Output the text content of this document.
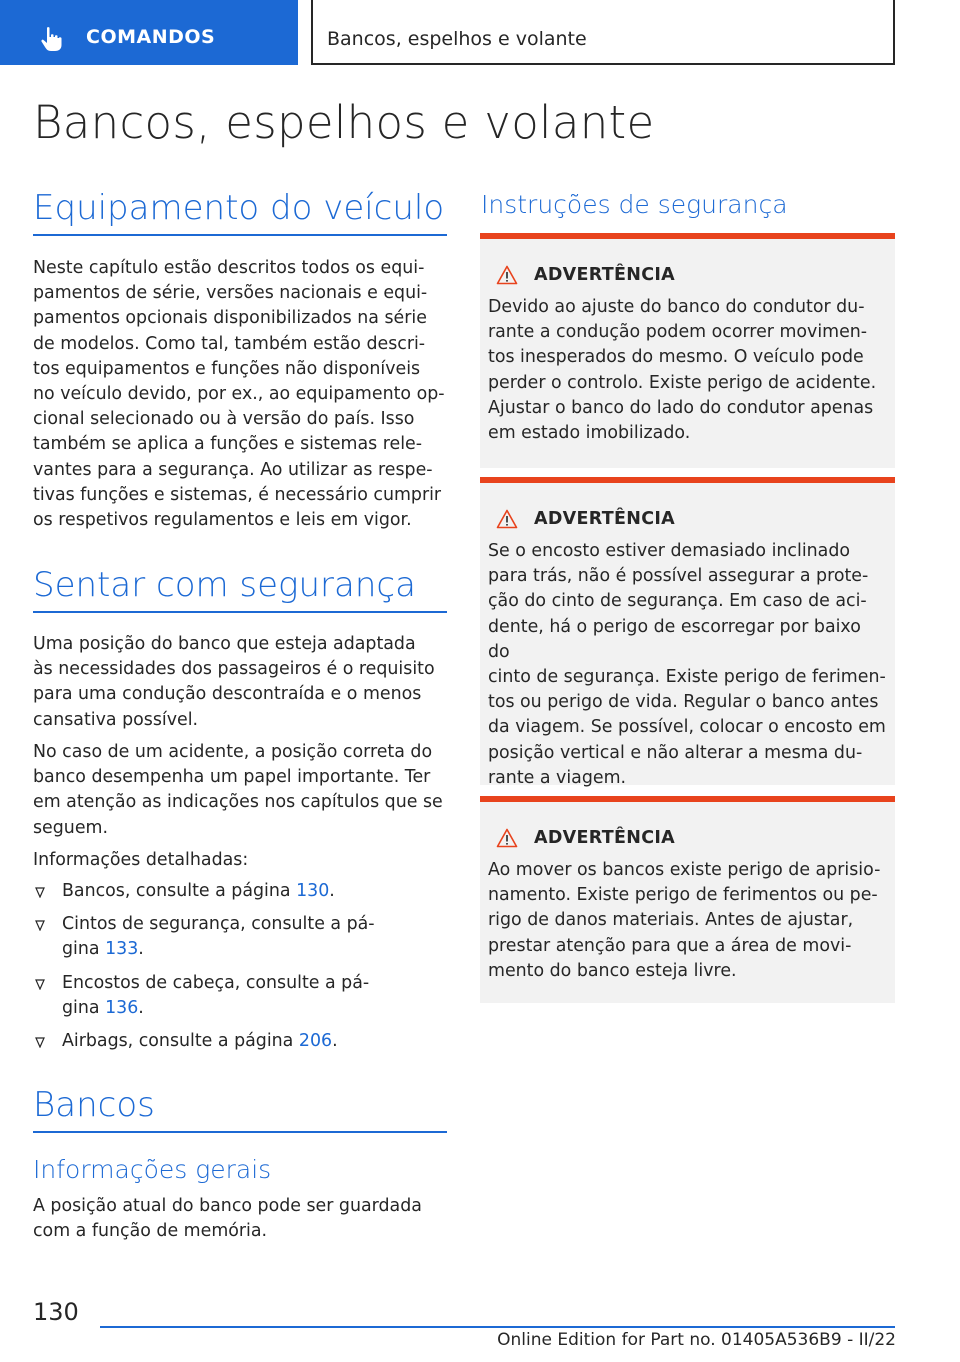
COMANDOS	Bancos, espelhos e volante
Bancos, espelhos e volante
Equipamento do veículo
Neste capítulo estão descritos todos os equi-
pamentos de série, versões nacionais e equi-
pamentos opcionais disponibilizados na série
de modelos. Como tal, também estão descri-
tos equipamentos e funções não disponíveis
no veículo devido, por ex., ao equipamento op-
cional selecionado ou à versão do país. Isso
também se aplica a funções e sistemas rele-
vantes para a segurança. Ao utilizar as respe-
tivas funções e sistemas, é necessário cumprir
os respetivos regulamentos e leis em vigor.
Sentar com segurança
Uma posição do banco que esteja adaptada
às necessidades dos passageiros é o requisito
para uma condução descontraída e o menos
cansativa possível.
No caso de um acidente, a posição correta do
banco desempenha um papel importante. Ter
em atenção as indicações nos capítulos que se
seguem.
Informações detalhadas:
Bancos, consulte a página 130.
Cintos de segurança, consulte a pá-
gina 133.
Encostos de cabeça, consulte a pá-
gina 136.
Airbags, consulte a página 206.
Bancos
Informações gerais
A posição atual do banco pode ser guardada
com a função de memória.
Instruções de segurança
ADVERTÊNCIA
Devido ao ajuste do banco do condutor du-
rante a condução podem ocorrer movimen-
tos inesperados do mesmo. O veículo pode
perder o controlo. Existe perigo de acidente.
Ajustar o banco do lado do condutor apenas
em estado imobilizado.
ADVERTÊNCIA
Se o encosto estiver demasiado inclinado
para trás, não é possível assegurar a prote-
ção do cinto de segurança. Em caso de aci-
dente, há o perigo de escorregar por baixo do
cinto de segurança. Existe perigo de ferimen-
tos ou perigo de vida. Regular o banco antes
da viagem. Se possível, colocar o encosto em
posição vertical e não alterar a mesma du-
rante a viagem.
ADVERTÊNCIA
Ao mover os bancos existe perigo de aprisio-
namento. Existe perigo de ferimentos ou pe-
rigo de danos materiais. Antes de ajustar,
prestar atenção para que a área de movi-
mento do banco esteja livre.
130
Online Edition for Part no. 01405A536B9 - II/22
